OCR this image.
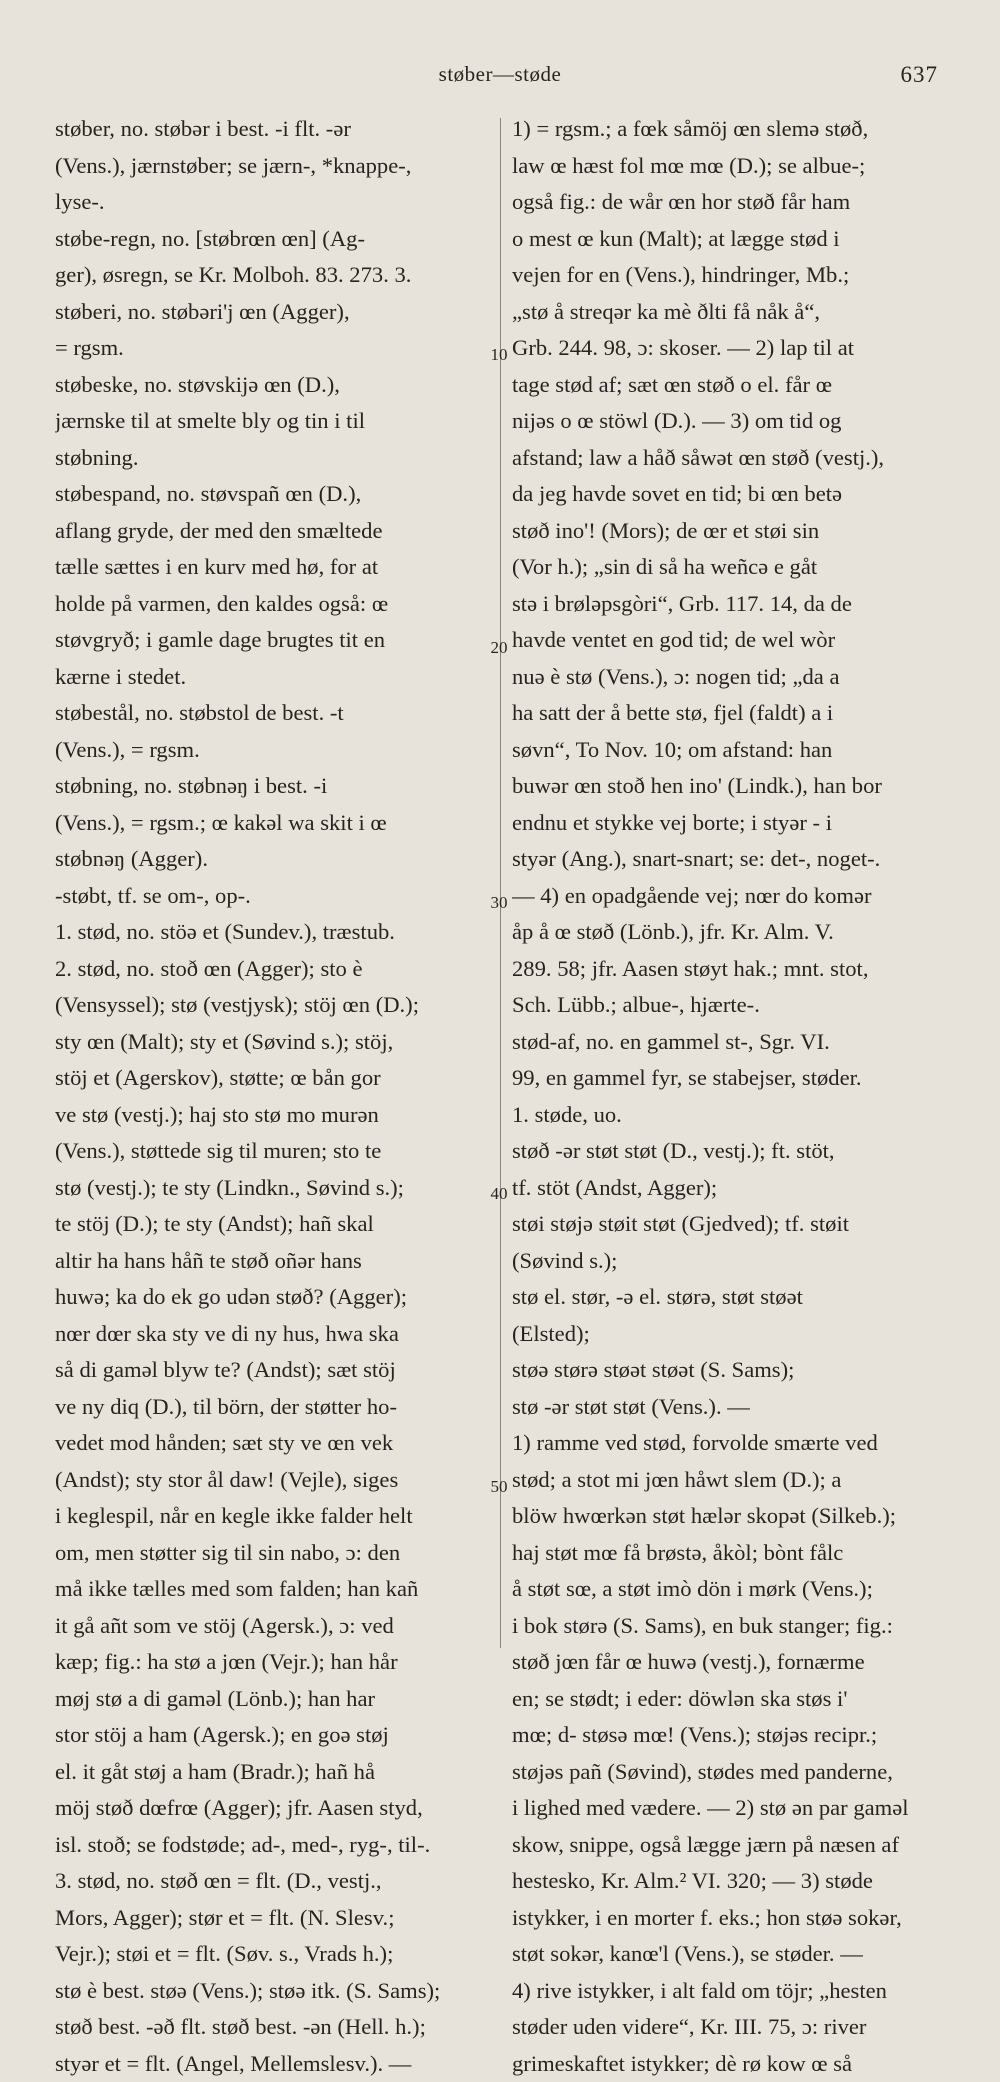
støber—støde	637
støber, no. støbər i best. -i flt. -ər
(Vens.), jærnstøber; se jærn-, *knappe-,
lyse-.
støbe-regn, no. [støbrœn œn] (Ag-
ger), øsregn, se Kr. Molboh. 83. 273. 3.
støberi, no. støbəri'j œn (Agger),
= rgsm.
støbeske, no. støvskijə œn (D.),
jærnske til at smelte bly og tin i til
støbning.
støbespand, no. støvspañ œn (D.),
aflang gryde, der med den smæltede
tælle sættes i en kurv med hø, for at
holde på varmen, den kaldes også: œ
støvgryð; i gamle dage brugtes tit en
kærne i stedet.
støbestål, no. støbstol de best. -t
(Vens.), = rgsm.
støbning, no. støbnəŋ i best. -i
(Vens.), = rgsm.; œ kakəl wa skit i œ
støbnəŋ (Agger).
-støbt, tf. se om-, op-.
1. stød, no. stöə et (Sundev.), træstub.
2. stød, no. stoð œn (Agger); sto è
(Vensyssel); stø (vestjysk); stöj œn (D.);
sty œn (Malt); sty et (Søvind s.); stöj,
stöj et (Agerskov), støtte; œ bån gor
ve stø (vestj.); haj sto stø mo murən
(Vens.), støttede sig til muren; sto te
stø (vestj.); te sty (Lindkn., Søvind s.);
te stöj (D.); te sty (Andst); hañ skal
altir ha hans håñ te støð oñər hans
huwə; ka do ek go udən støð? (Agger);
nœr dœr ska sty ve di ny hus, hwa ska
så di gaməl blyw te? (Andst); sæt stöj
ve ny diq (D.), til börn, der støtter ho-
vedet mod hånden; sæt sty ve œn vek
(Andst); sty stor ål daw! (Vejle), siges
i keglespil, når en kegle ikke falder helt
om, men støtter sig til sin nabo, ɔ: den
må ikke tælles med som falden; han kañ
it gå añt som ve stöj (Agersk.), ɔ: ved
kæp; fig.: ha stø a jœn (Vejr.); han hår
møj stø a di gaməl (Lönb.); han har
stor stöj a ham (Agersk.); en goə støj
el. it gåt støj a ham (Bradr.); hañ hå
möj støð dœfrœ (Agger); jfr. Aasen styd,
isl. stoð; se fodstøde; ad-, med-, ryg-, til-.
3. stød, no. støð œn = flt. (D., vestj.,
Mors, Agger); stør et = flt. (N. Slesv.;
Vejr.); støi et = flt. (Søv. s., Vrads h.);
stø è best. støə (Vens.); støə itk. (S. Sams);
støð best. -əð flt. støð best. -ən (Hell. h.);
styər et = flt. (Angel, Mellemslesv.). —
1) = rgsm.; a fœk såmöj œn slemə støð,
law œ hæst fol mœ mœ (D.); se albue-;
også fig.: de wår œn hor støð får ham
o mest œ kun (Malt); at lægge stød i
vejen for en (Vens.), hindringer, Mb.;
„stø å streqər ka mè ðlti få nåk å“,
Grb. 244. 98, ɔ: skoser. — 2) lap til at
tage stød af; sæt œn støð o el. får œ
nijəs o œ stöwl (D.). — 3) om tid og
afstand; law a håð såwət œn støð (vestj.),
da jeg havde sovet en tid; bi œn betə
støð ino'! (Mors); de œr et støi sin
(Vor h.); „sin di så ha weñcə e gåt
stə i brøləpsgòri“, Grb. 117. 14, da de
havde ventet en god tid; de wel wòr
nuə è stø (Vens.), ɔ: nogen tid; „da a
ha satt der å bette stø, fjel (faldt) a i
søvn“, To Nov. 10; om afstand: han
buwər œn stoð hen ino' (Lindk.), han bor
endnu et stykke vej borte; i styər - i
styər (Ang.), snart-snart; se: det-, noget-.
— 4) en opadgående vej; nœr do komər
åp å œ støð (Lönb.), jfr. Kr. Alm. V.
289. 58; jfr. Aasen støyt hak.; mnt. stot,
Sch. Lübb.; albue-, hjærte-.
stød-af, no. en gammel st-, Sgr. VI.
99, en gammel fyr, se stabejser, støder.
1. støde, uo.
støð -ər støt støt (D., vestj.); ft. stöt,
tf. stöt (Andst, Agger);
støi støjə støit støt (Gjedved); tf. støit
(Søvind s.);
stø el. stør, -ə el. størə, støt støət
(Elsted);
støə størə støət støət (S. Sams);
stø -ər støt støt (Vens.). —
1) ramme ved stød, forvolde smærte ved
stød; a stot mi jœn håwt slem (D.); a
blöw hwœrkən støt hælər skopət (Silkeb.);
haj støt mœ få brøstə, åkòl; bònt fålc
å støt sœ, a støt imò dön i mørk (Vens.);
i bok størə (S. Sams), en buk stanger; fig.:
støð jœn får œ huwə (vestj.), fornærme
en; se stødt; i eder: döwlən ska støs i'
mœ; d- støsə mœ! (Vens.); støjəs recipr.;
støjəs pañ (Søvind), stødes med panderne,
i lighed med vædere. — 2) stø ən par gaməl
skow, snippe, også lægge jærn på næsen af
hestesko, Kr. Alm.² VI. 320; — 3) støde
istykker, i en morter f. eks.; hon støə sokər,
støt sokər, kanœ'l (Vens.), se støder. —
4) rive istykker, i alt fald om töjr; „hesten
støder uden videre“, Kr. III. 75, ɔ: river
grimeskaftet istykker; dè rø kow œ så
10
20
30
40
50
